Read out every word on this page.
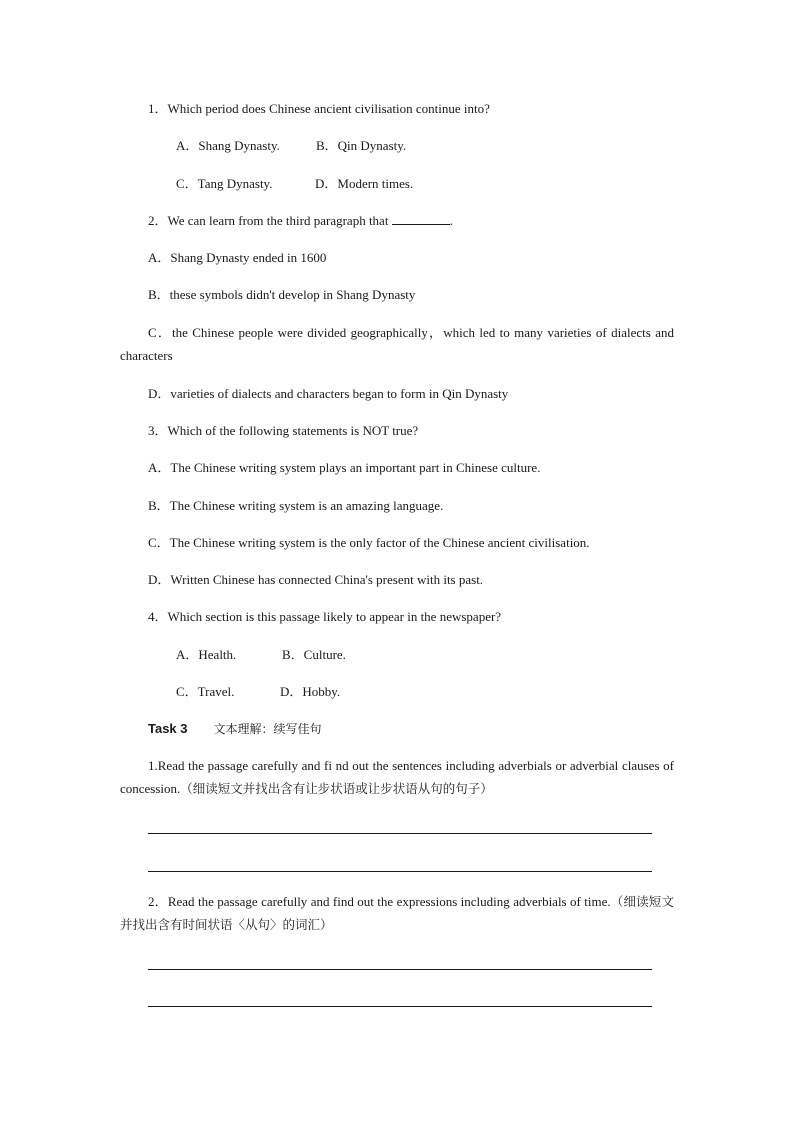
1．Which period does Chinese ancient civilisation continue into?
A．Shang Dynasty.	B．Qin Dynasty.
C．Tang Dynasty.	D．Modern times.
2．We can learn from the third paragraph that	.
A．Shang Dynasty ended in 1600
B．these symbols didn't develop in Shang Dynasty
C．the Chinese people were divided geographically，which led to many varieties of dialects and characters
D．varieties of dialects and characters began to form in Qin Dynasty
3．Which of the following statements is NOT true?
A．The Chinese writing system plays an important part in Chinese culture.
B．The Chinese writing system is an amazing language.
C．The Chinese writing system is the only factor of the Chinese ancient civilisation.
D．Written Chinese has connected China's present with its past.
4．Which section is this passage likely to appear in the newspaper?
A．Health.	B．Culture.
C．Travel.	D．Hobby.
Task 3 文本理解：续写佳句
1.Read the passage carefully and fi nd out the sentences including adverbials or adverbial clauses of concession.（细读短文并找出含有让步状语或让步状语从句的句子）
2．Read the passage carefully and find out the expressions including adverbials of time.（细读短文并找出含有时间状语〈从句〉的词汇）
